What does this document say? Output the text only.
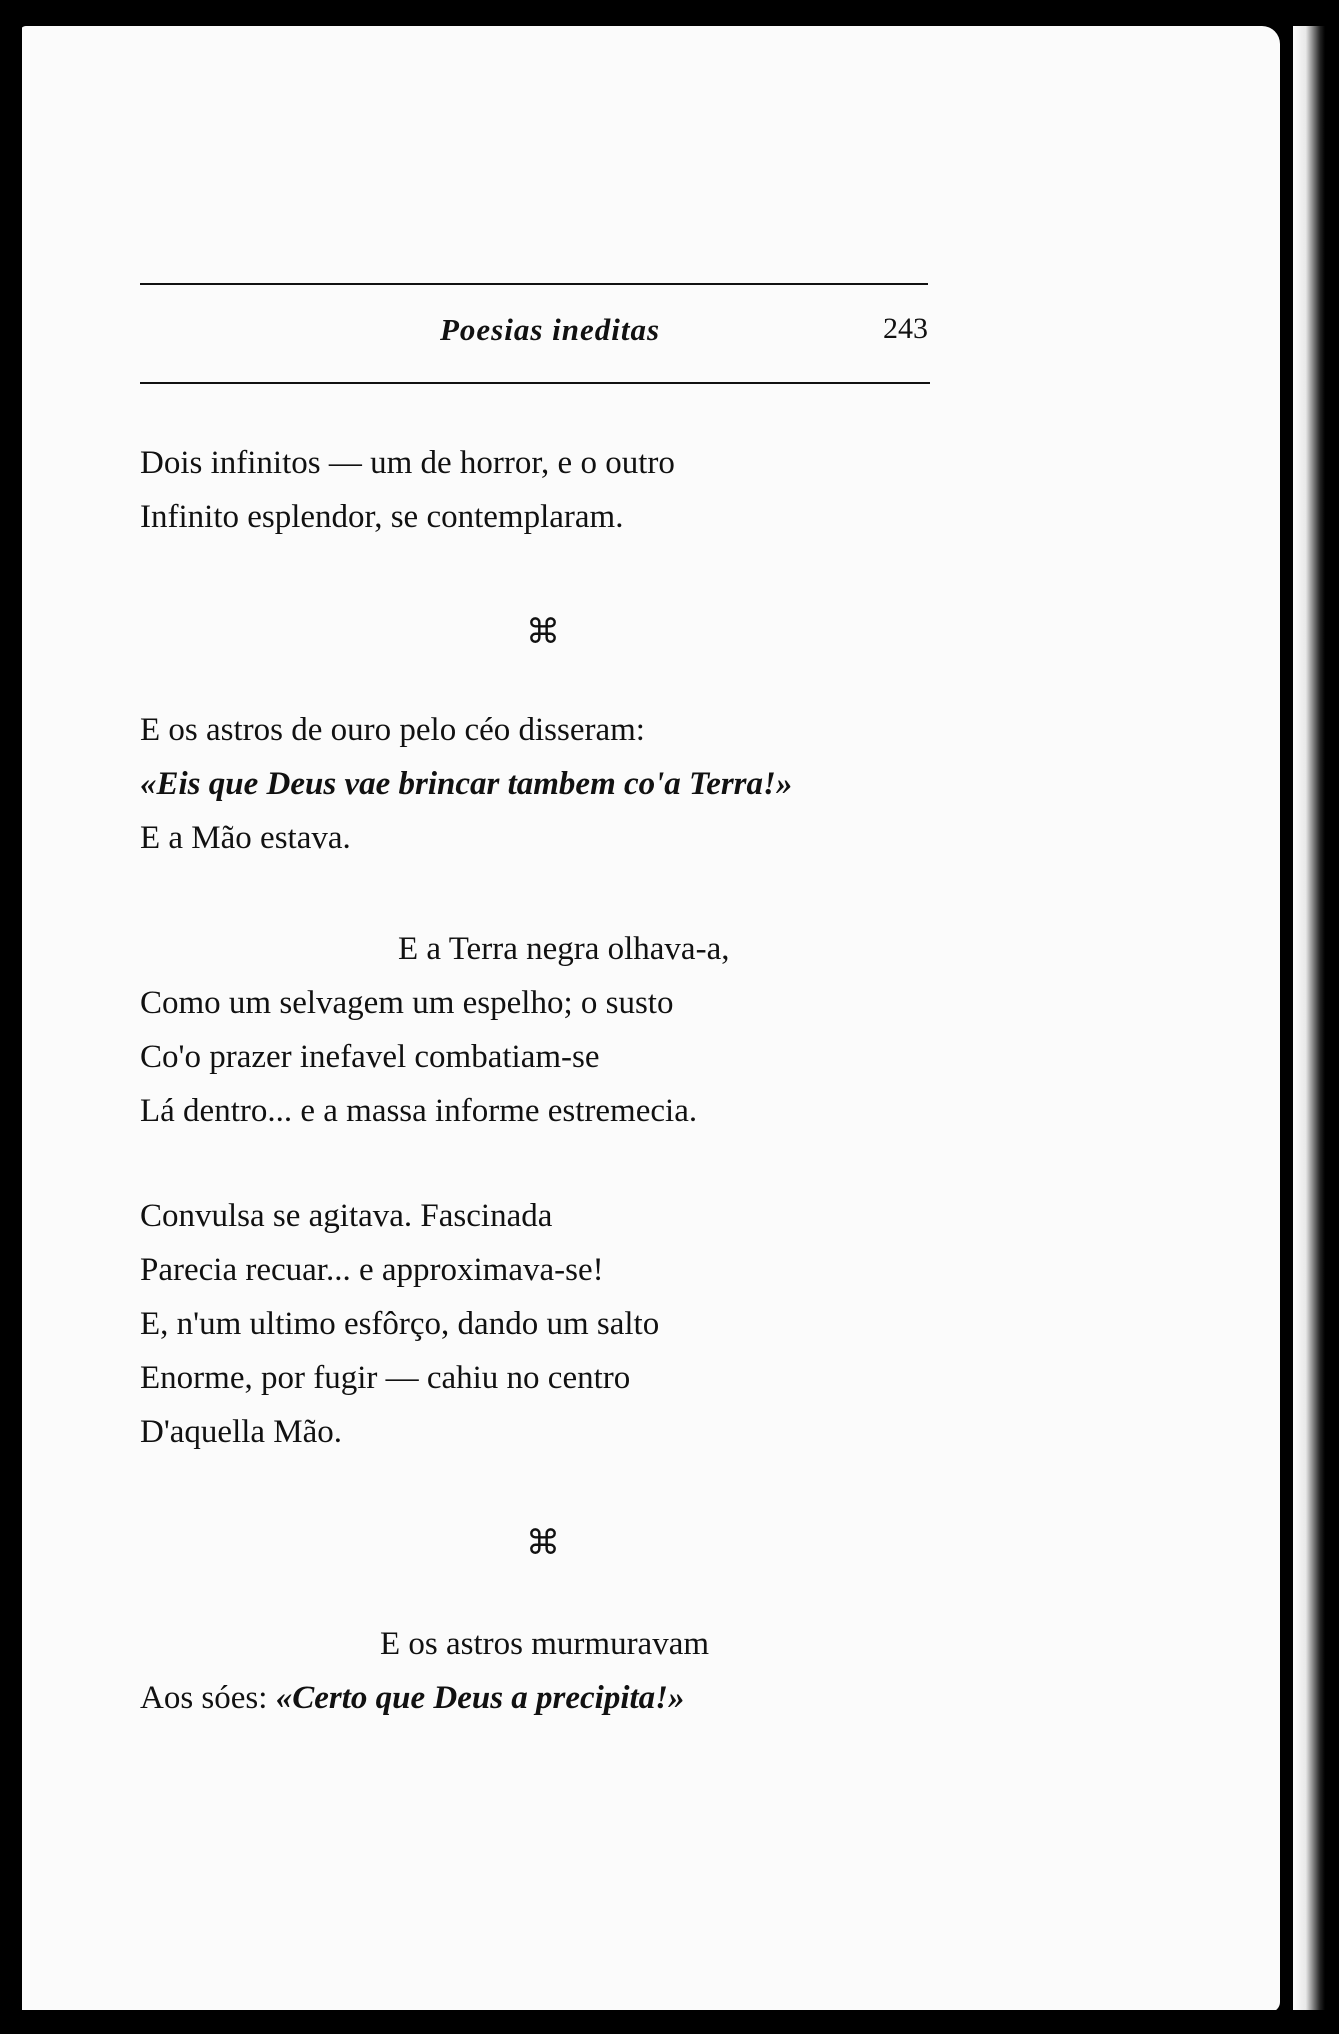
Poesias ineditas	243
Dois infinitos — um de horror, e o outro
Infinito esplendor, se contemplaram.
⌘
E os astros de ouro pelo céo disseram:
«Eis que Deus vae brincar tambem co'a Terra!»
E a Mão estava.
E a Terra negra olhava-a,
Como um selvagem um espelho; o susto
Co'o prazer inefavel combatiam-se
Lá dentro... e a massa informe estremecia.
Convulsa se agitava. Fascinada
Parecia recuar... e approximava-se!
E, n'um ultimo esfôrço, dando um salto
Enorme, por fugir — cahiu no centro
D'aquella Mão.
⌘
E os astros murmuravam
Aos sóes: «Certo que Deus a precipita!»
